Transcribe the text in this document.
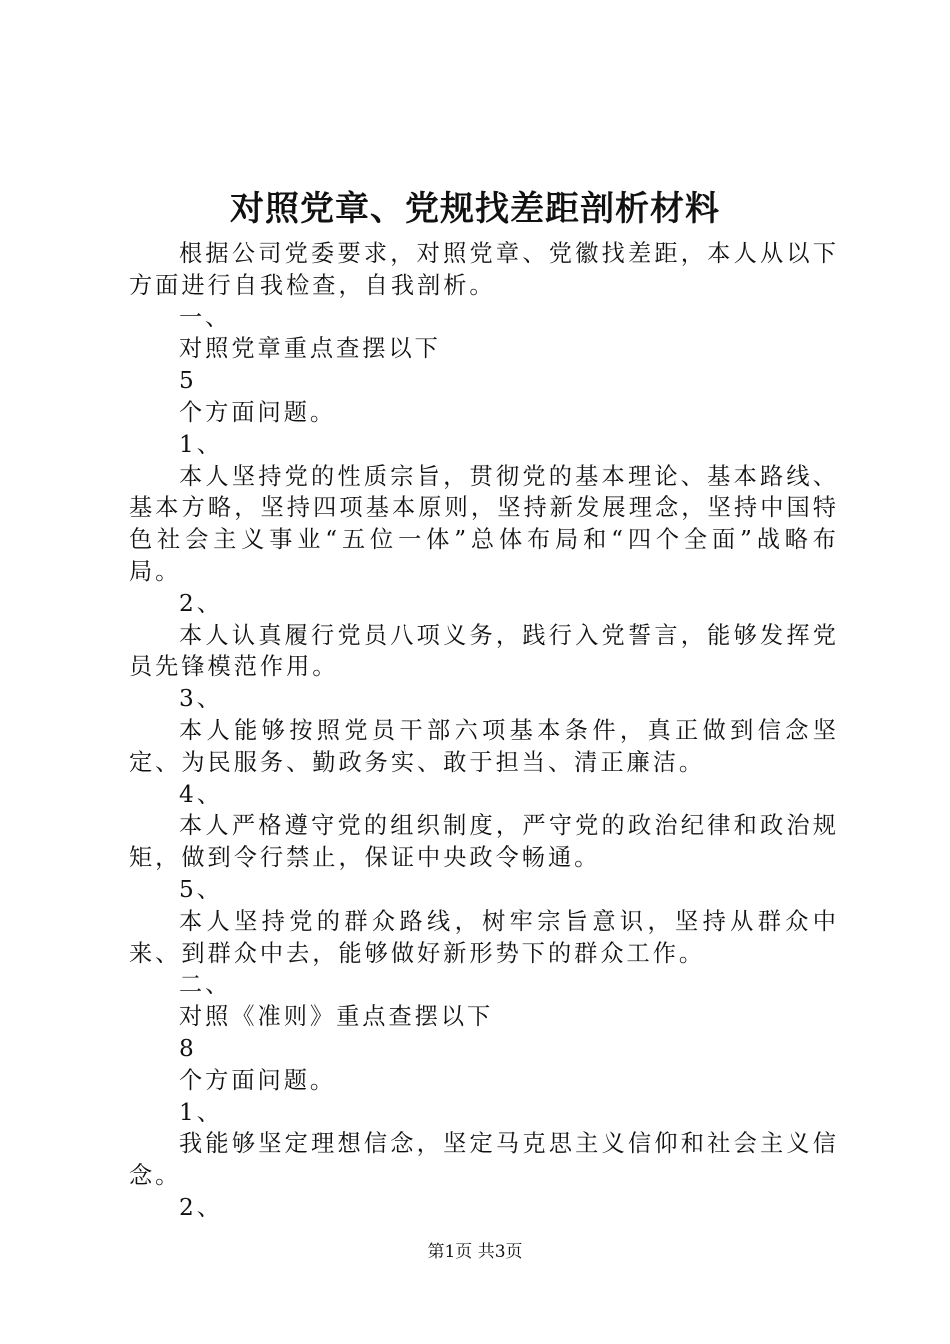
对照党章、党规找差距剖析材料

根据公司党委要求，对照党章、党徽找差距，本人从以下方面进行自我检查，自我剖析。

一、

对照党章重点查摆以下

5

个方面问题。

1、

本人坚持党的性质宗旨，贯彻党的基本理论、基本路线、基本方略，坚持四项基本原则，坚持新发展理念，坚持中国特色社会主义事业“五位一体”总体布局和“四个全面”战略布局。

2、

本人认真履行党员八项义务，践行入党誓言，能够发挥党员先锋模范作用。

3、

本人能够按照党员干部六项基本条件，真正做到信念坚定、为民服务、勤政务实、敢于担当、清正廉洁。

4、

本人严格遵守党的组织制度，严守党的政治纪律和政治规矩，做到令行禁止，保证中央政令畅通。

5、

本人坚持党的群众路线，树牢宗旨意识，坚持从群众中来、到群众中去，能够做好新形势下的群众工作。

二、

对照《准则》重点查摆以下

8

个方面问题。

1、

我能够坚定理想信念，坚定马克思主义信仰和社会主义信念。

2、

第1页 共3页
